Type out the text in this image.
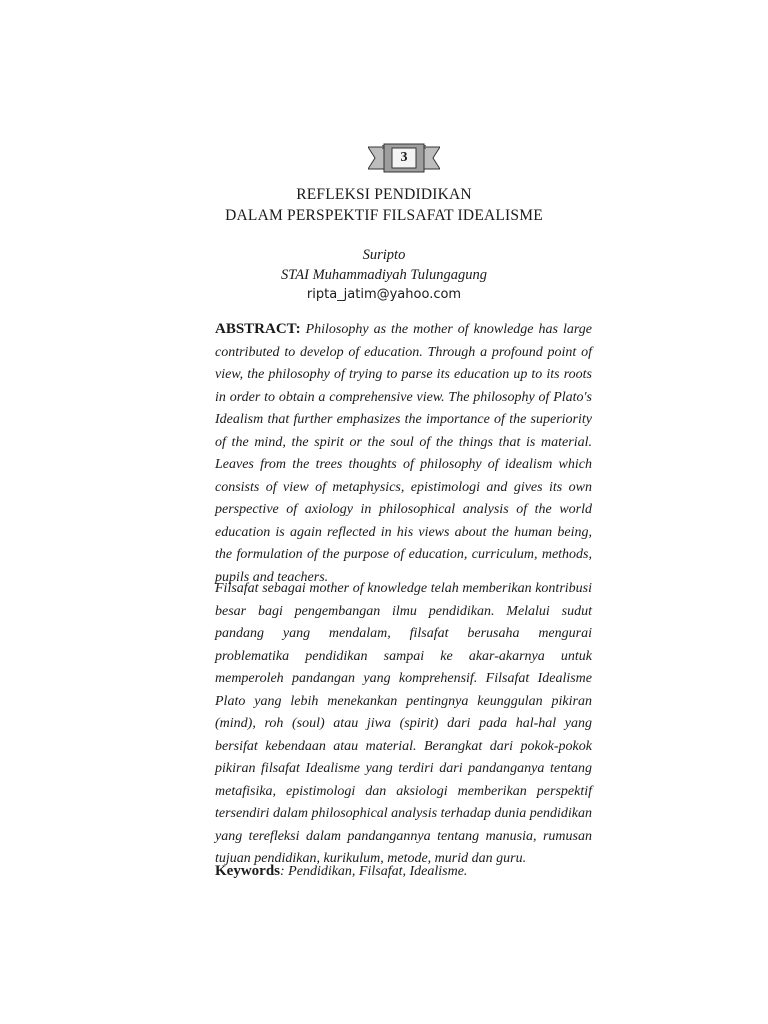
3
REFLEKSI PENDIDIKAN
DALAM PERSPEKTIF FILSAFAT IDEALISME
Suripto
STAI Muhammadiyah Tulungagung
ripta_jatim@yahoo.com
ABSTRACT: Philosophy as the mother of knowledge has large contributed to develop of education. Through a profound point of view, the philosophy of trying to parse its education up to its roots in order to obtain a comprehensive view. The philosophy of Plato's Idealism that further emphasizes the importance of the superiority of the mind, the spirit or the soul of the things that is material. Leaves from the trees thoughts of philosophy of idealism which consists of view of metaphysics, epistimologi and gives its own perspective of axiology in philosophical analysis of the world education is again reflected in his views about the human being, the formulation of the purpose of education, curriculum, methods, pupils and teachers.
Filsafat sebagai mother of knowledge telah memberikan kontribusi besar bagi pengembangan ilmu pendidikan. Melalui sudut pandang yang mendalam, filsafat berusaha mengurai problematika pendidikan sampai ke akar-akarnya untuk memperoleh pandangan yang komprehensif. Filsafat Idealisme Plato yang lebih menekankan pentingnya keunggulan pikiran (mind), roh (soul) atau jiwa (spirit) dari pada hal-hal yang bersifat kebendaan atau material. Berangkat dari pokok-pokok pikiran filsafat Idealisme yang terdiri dari pandanganya tentang metafisika, epistimologi dan aksiologi memberikan perspektif tersendiri dalam philosophical analysis terhadap dunia pendidikan yang terefleksi dalam pandangannya tentang manusia, rumusan tujuan pendidikan, kurikulum, metode, murid dan guru.
Keywords: Pendidikan, Filsafat, Idealisme.
